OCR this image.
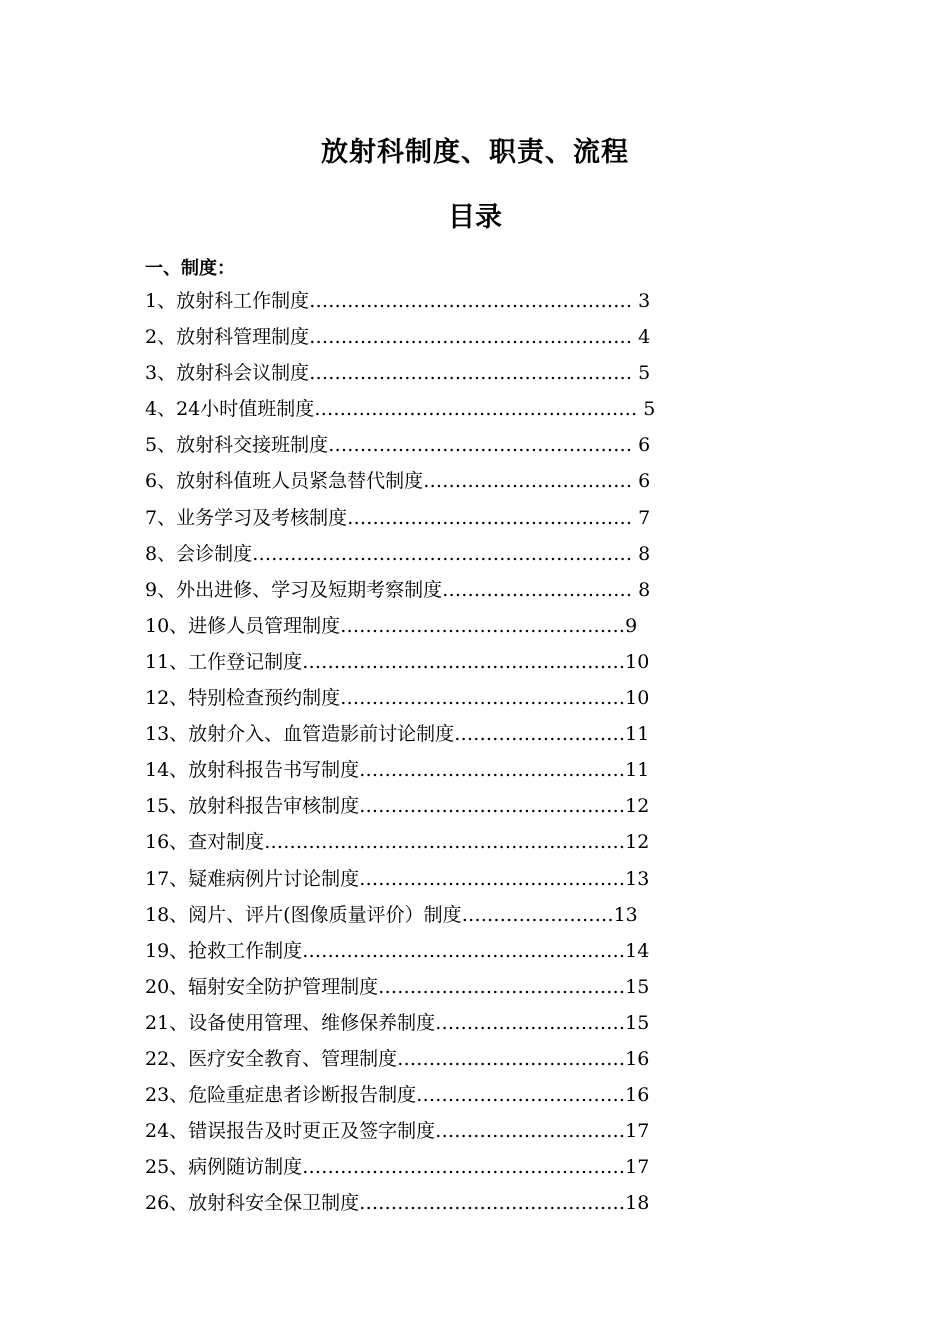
放射科制度、职责、流程
目录
一、制度：
1、放射科工作制度…………………………………………… 3
2、放射科管理制度…………………………………………… 4
3、放射科会议制度…………………………………………… 5
4、24小时值班制度…………………………………………… 5
5、放射科交接班制度………………………………………… 6
6、放射科值班人员紧急替代制度…………………………… 6
7、业务学习及考核制度……………………………………… 7
8、会诊制度…………………………………………………… 8
9、外出进修、学习及短期考察制度………………………… 8
10、进修人员管理制度………………………………………9
11、工作登记制度……………………………………………10
12、特别检查预约制度………………………………………10
13、放射介入、血管造影前讨论制度………………………11
14、放射科报告书写制度……………………………………11
15、放射科报告审核制度……………………………………12
16、查对制度…………………………………………………12
17、疑难病例片讨论制度……………………………………13
18、阅片、评片(图像质量评价）制度……………………13
19、抢救工作制度……………………………………………14
20、辐射安全防护管理制度…………………………………15
21、设备使用管理、维修保养制度…………………………15
22、医疗安全教育、管理制度………………………………16
23、危险重症患者诊断报告制度……………………………16
24、错误报告及时更正及签字制度…………………………17
25、病例随访制度……………………………………………17
26、放射科安全保卫制度……………………………………18
